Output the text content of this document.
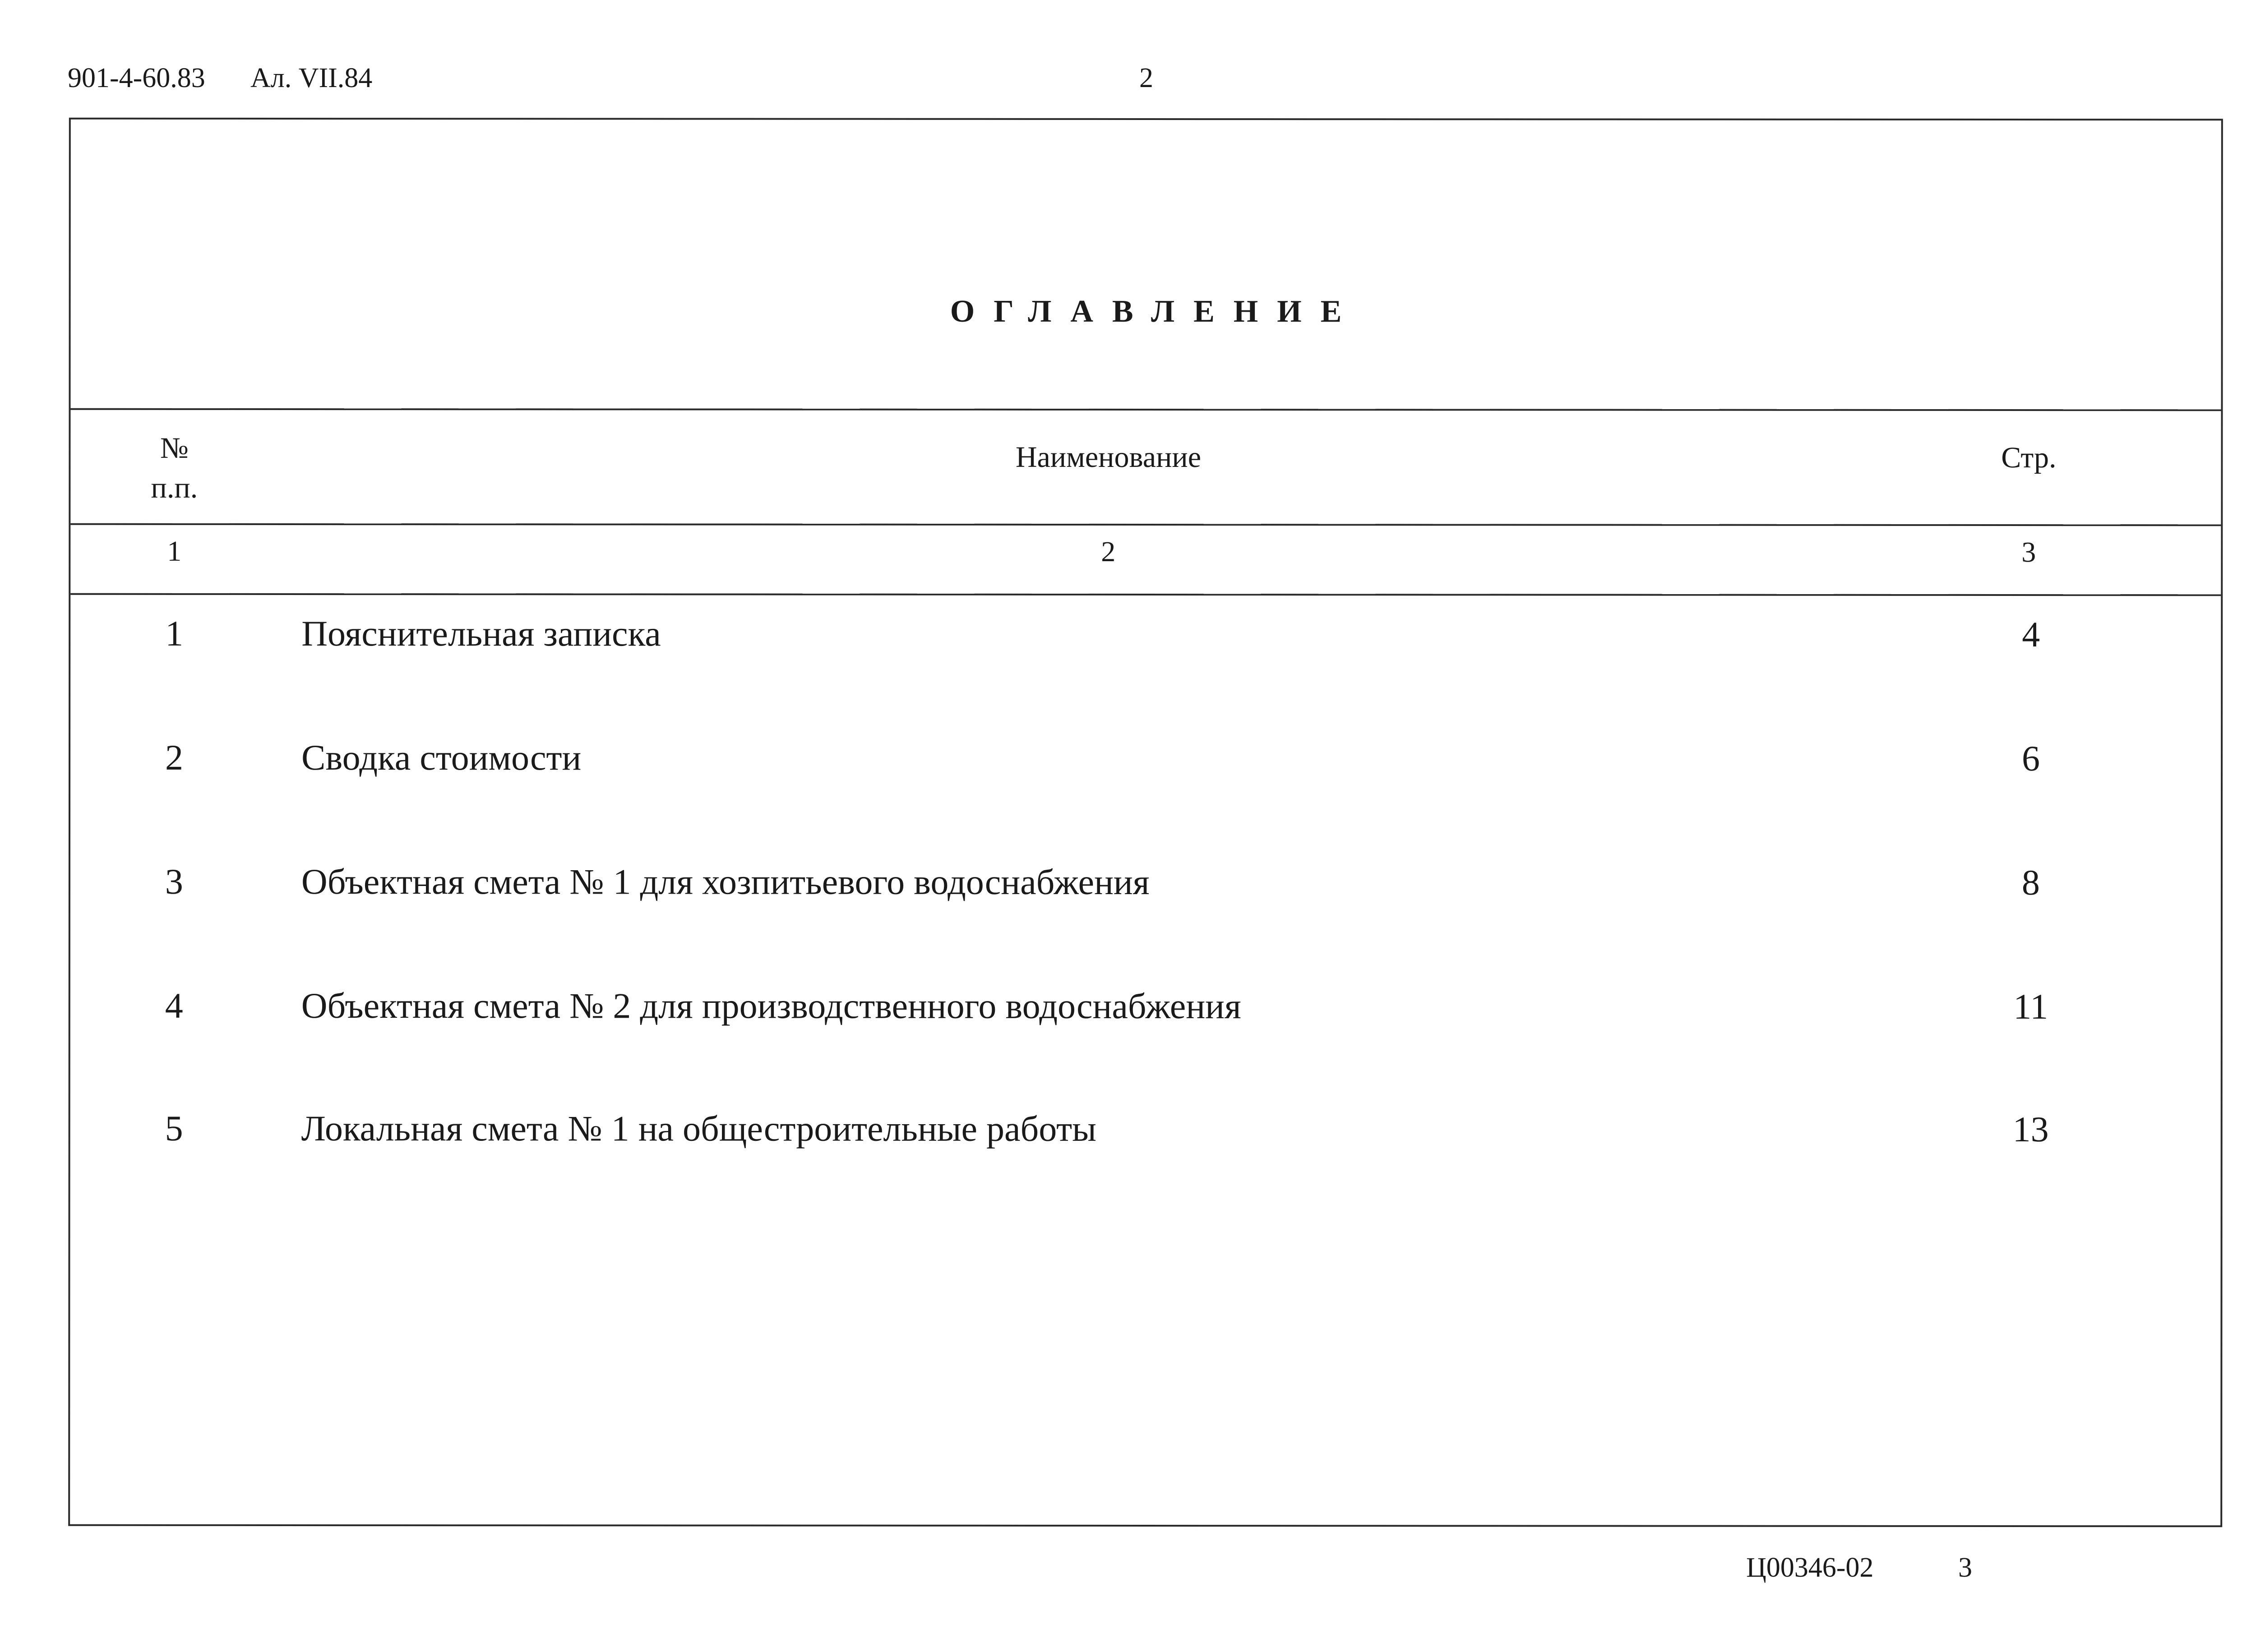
901-4-60.83 Ал. VII.84	2
ОГЛАВЛЕНИЕ
№
п.п.
Наименование	Стр.
1	2	3
1	Пояснительная записка	4
2	Сводка стоимости	6
3	Объектная смета № 1 для хозпитьевого водоснабжения	8
4	Объектная смета № 2 для производственного водоснабжения	11
5	Локальная смета № 1 на общестроительные работы	13
Ц00346-02	3
